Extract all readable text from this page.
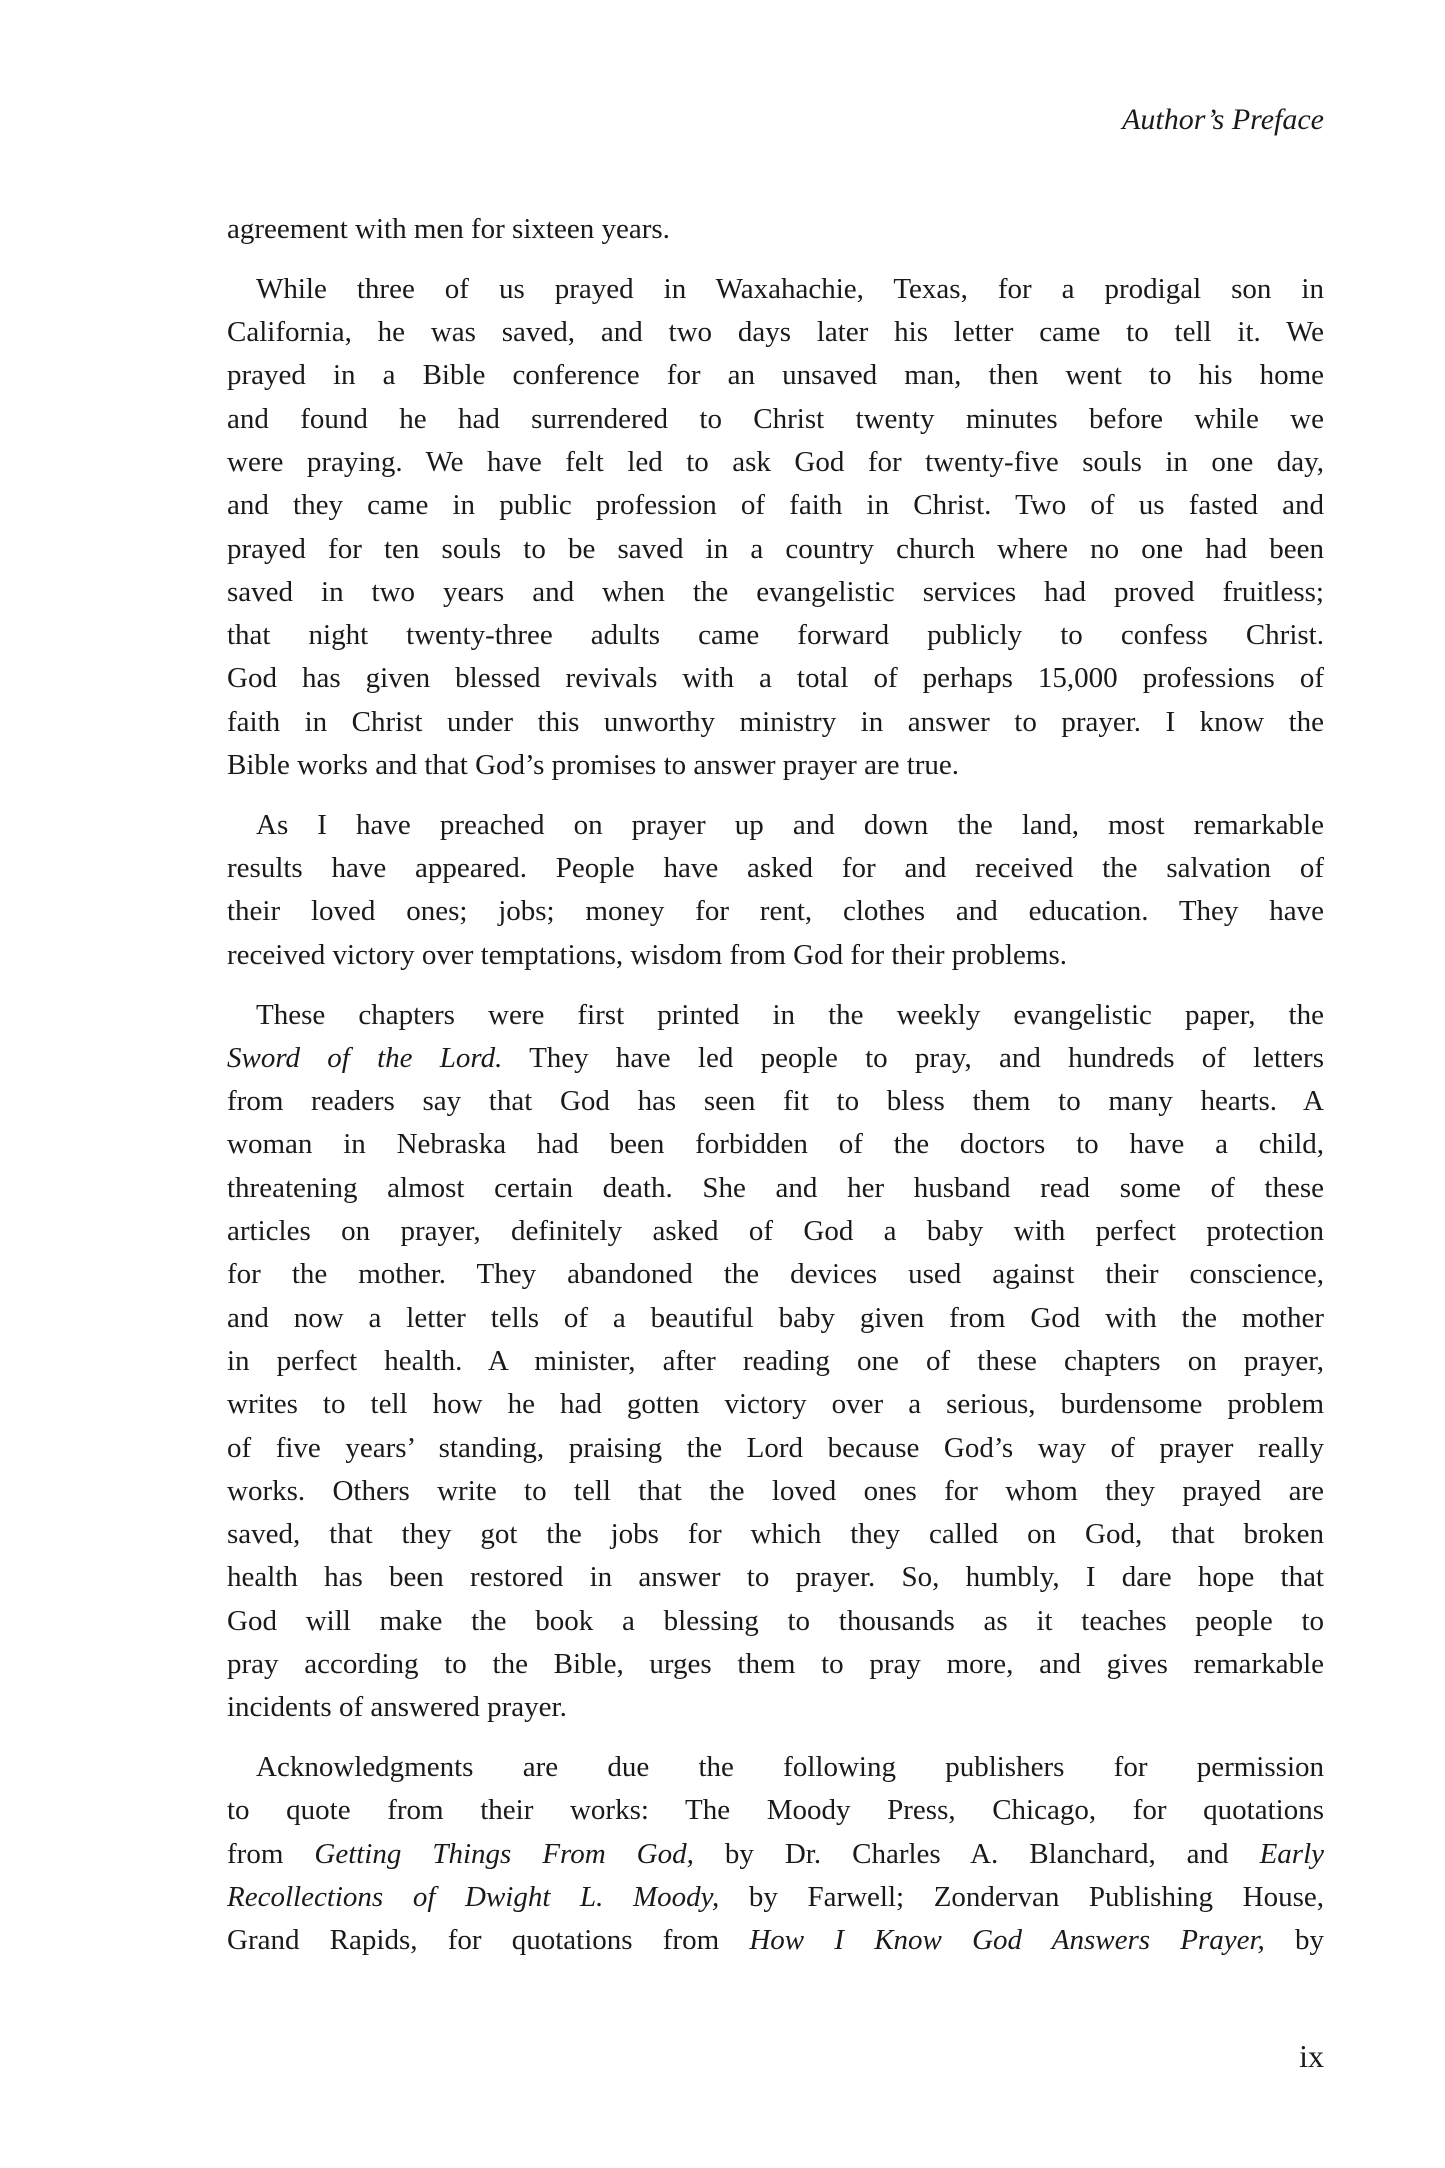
Author’s Preface
agreement with men for sixteen years.
While three of us prayed in Waxahachie, Texas, for a prodigal son in
California, he was saved, and two days later his letter came to tell it. We
prayed in a Bible conference for an unsaved man, then went to his home
and found he had surrendered to Christ twenty minutes before while we
were praying. We have felt led to ask God for twenty-five souls in one day,
and they came in public profession of faith in Christ. Two of us fasted and
prayed for ten souls to be saved in a country church where no one had been
saved in two years and when the evangelistic services had proved fruitless;
that night twenty-three adults came forward publicly to confess Christ.
God has given blessed revivals with a total of perhaps 15,000 professions of
faith in Christ under this unworthy ministry in answer to prayer. I know the
Bible works and that God’s promises to answer prayer are true.
As I have preached on prayer up and down the land, most remarkable
results have appeared. People have asked for and received the salvation of
their loved ones; jobs; money for rent, clothes and education. They have
received victory over temptations, wisdom from God for their problems.
These chapters were first printed in the weekly evangelistic paper, the
Sword of the Lord. They have led people to pray, and hundreds of letters
from readers say that God has seen fit to bless them to many hearts. A
woman in Nebraska had been forbidden of the doctors to have a child,
threatening almost certain death. She and her husband read some of these
articles on prayer, definitely asked of God a baby with perfect protection
for the mother. They abandoned the devices used against their conscience,
and now a letter tells of a beautiful baby given from God with the mother
in perfect health. A minister, after reading one of these chapters on prayer,
writes to tell how he had gotten victory over a serious, burdensome problem
of five years’ standing, praising the Lord because God’s way of prayer really
works. Others write to tell that the loved ones for whom they prayed are
saved, that they got the jobs for which they called on God, that broken
health has been restored in answer to prayer. So, humbly, I dare hope that
God will make the book a blessing to thousands as it teaches people to
pray according to the Bible, urges them to pray more, and gives remarkable
incidents of answered prayer.
Acknowledgments are due the following publishers for permission
to quote from their works: The Moody Press, Chicago, for quotations
from Getting Things From God, by Dr. Charles A. Blanchard, and Early
Recollections of Dwight L. Moody, by Farwell; Zondervan Publishing House,
Grand Rapids, for quotations from How I Know God Answers Prayer, by
ix
